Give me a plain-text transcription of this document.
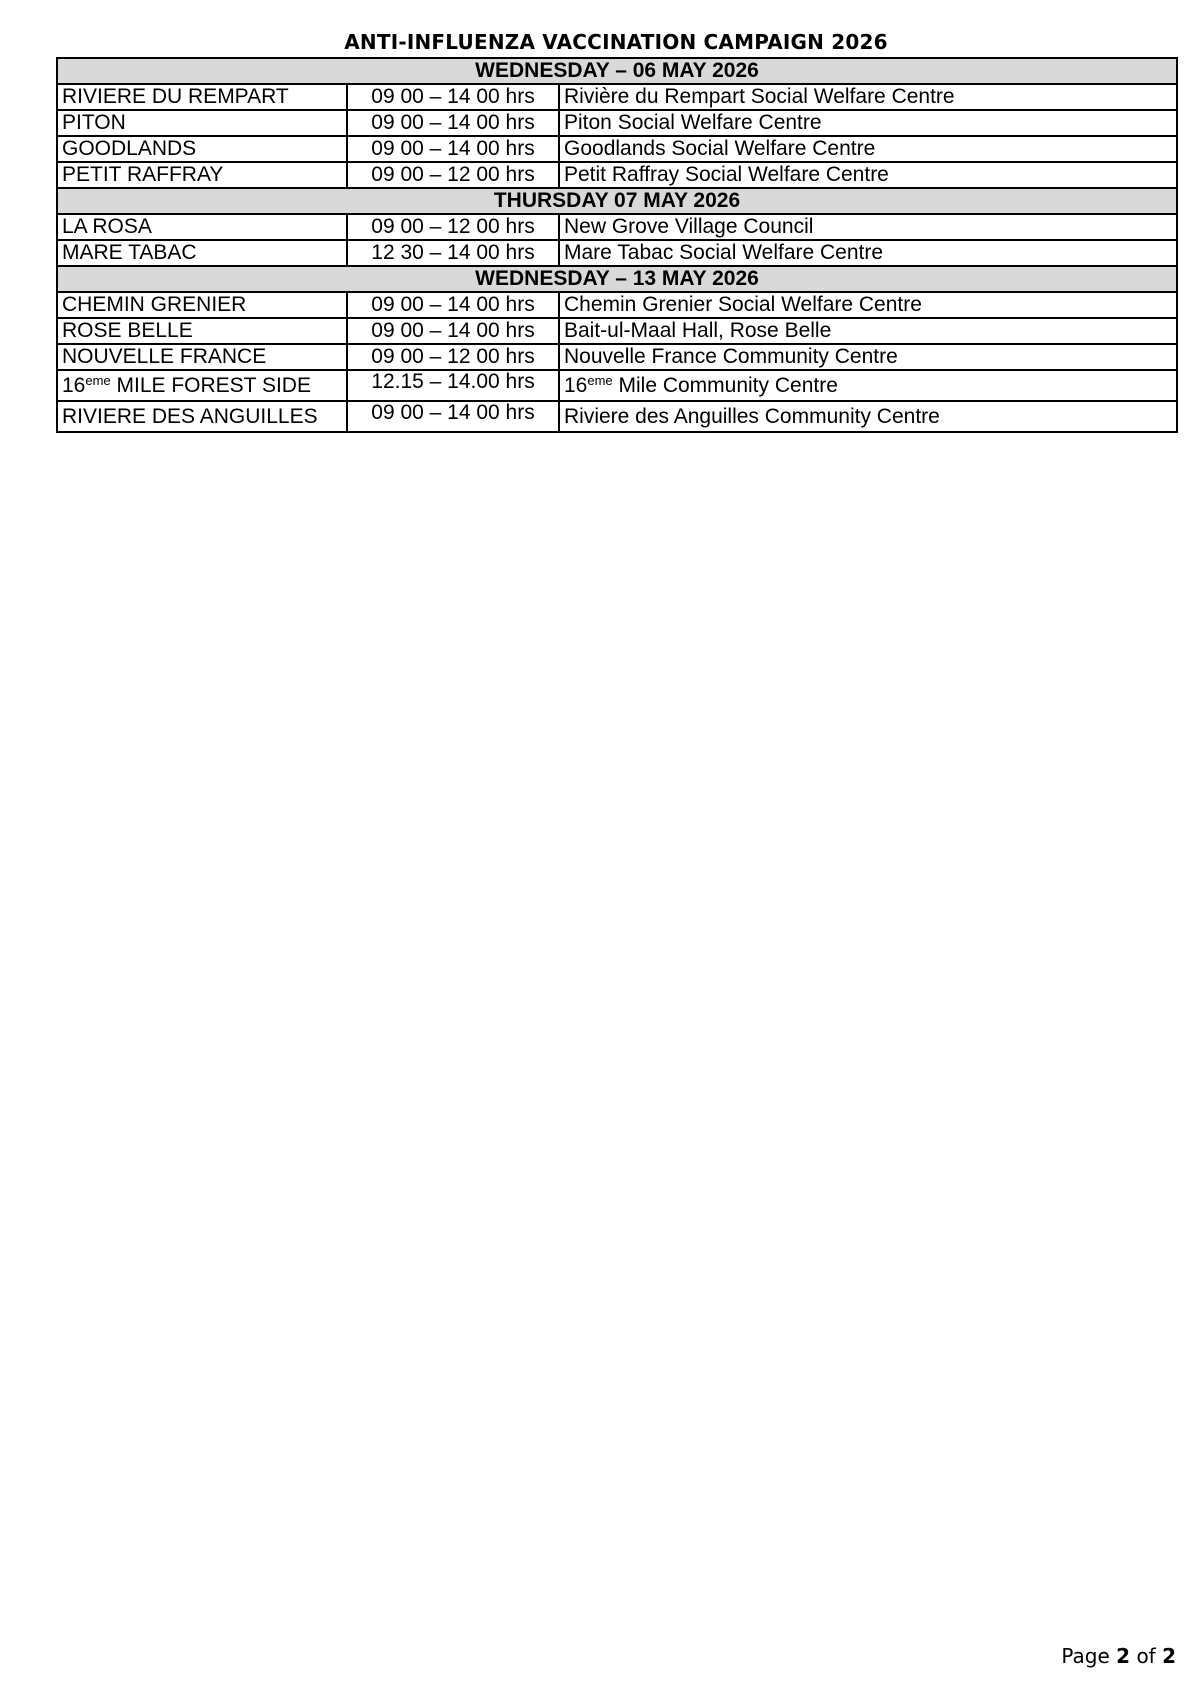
ANTI-INFLUENZA VACCINATION CAMPAIGN 2026
WEDNESDAY – 06 MAY 2026		
RIVIERE DU REMPART	09 00 – 14 00 hrs	Rivière du Rempart Social Welfare Centre
PITON	09 00 – 14 00 hrs	Piton Social Welfare Centre
GOODLANDS	09 00 – 14 00 hrs	Goodlands Social Welfare Centre
PETIT RAFFRAY	09 00 – 12 00 hrs	Petit Raffray Social Welfare Centre
THURSDAY 07 MAY 2026		
LA ROSA	09 00 – 12 00 hrs	New Grove Village Council
MARE TABAC	12 30 – 14 00 hrs	Mare Tabac Social Welfare Centre
WEDNESDAY – 13 MAY 2026		
CHEMIN GRENIER	09 00 – 14 00 hrs	Chemin Grenier Social Welfare Centre
ROSE BELLE	09 00 – 14 00 hrs	Bait-ul-Maal Hall, Rose Belle
NOUVELLE FRANCE	09 00 – 12 00 hrs	Nouvelle France Community Centre
16eme MILE FOREST SIDE	12.15 – 14.00 hrs	16eme Mile Community Centre
RIVIERE DES ANGUILLES	09 00 – 14 00 hrs	Riviere des Anguilles Community Centre
Page 2 of 2
